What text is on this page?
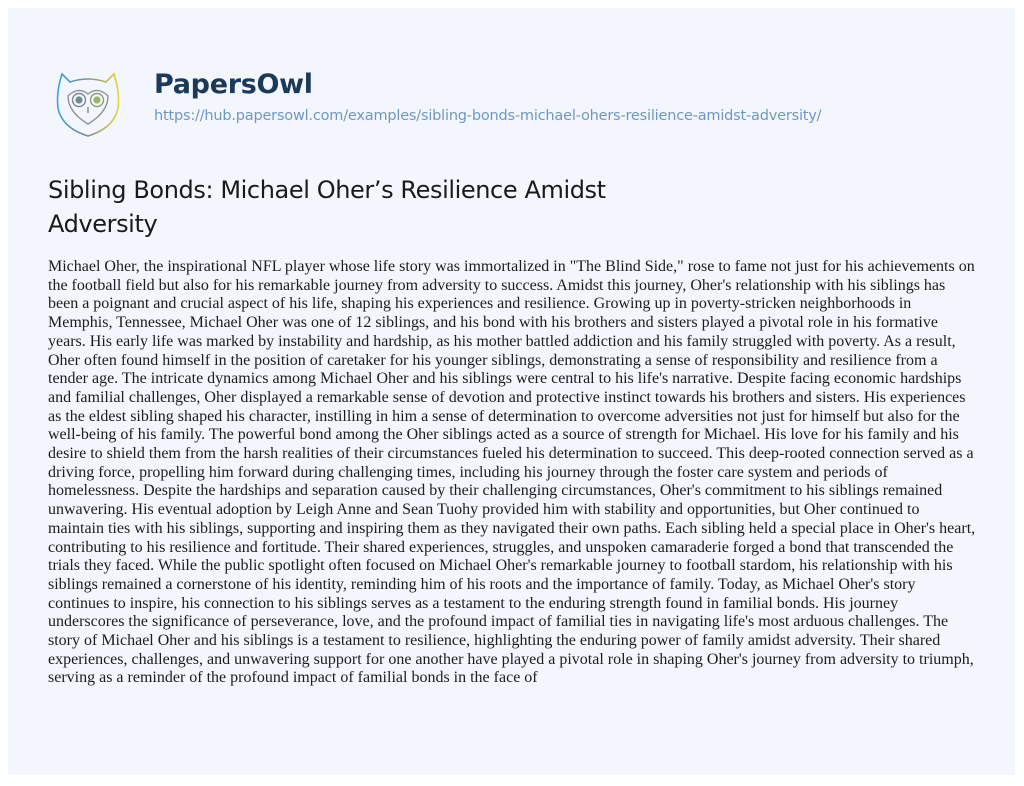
PapersOwl
https://hub.papersowl.com/examples/sibling-bonds-michael-ohers-resilience-amidst-adversity/
Sibling Bonds: Michael Oher’s Resilience Amidst Adversity
Michael Oher, the inspirational NFL player whose life story was immortalized in "The Blind Side," rose to fame not just for his achievements on
the football field but also for his remarkable journey from adversity to success. Amidst this journey, Oher's relationship with his siblings has
been a poignant and crucial aspect of his life, shaping his experiences and resilience. Growing up in poverty-stricken neighborhoods in
Memphis, Tennessee, Michael Oher was one of 12 siblings, and his bond with his brothers and sisters played a pivotal role in his formative
years. His early life was marked by instability and hardship, as his mother battled addiction and his family struggled with poverty. As a result,
Oher often found himself in the position of caretaker for his younger siblings, demonstrating a sense of responsibility and resilience from a
tender age. The intricate dynamics among Michael Oher and his siblings were central to his life's narrative. Despite facing economic hardships
and familial challenges, Oher displayed a remarkable sense of devotion and protective instinct towards his brothers and sisters. His experiences
as the eldest sibling shaped his character, instilling in him a sense of determination to overcome adversities not just for himself but also for the
well-being of his family. The powerful bond among the Oher siblings acted as a source of strength for Michael. His love for his family and his
desire to shield them from the harsh realities of their circumstances fueled his determination to succeed. This deep-rooted connection served as a
driving force, propelling him forward during challenging times, including his journey through the foster care system and periods of
homelessness. Despite the hardships and separation caused by their challenging circumstances, Oher's commitment to his siblings remained
unwavering. His eventual adoption by Leigh Anne and Sean Tuohy provided him with stability and opportunities, but Oher continued to
maintain ties with his siblings, supporting and inspiring them as they navigated their own paths. Each sibling held a special place in Oher's heart,
contributing to his resilience and fortitude. Their shared experiences, struggles, and unspoken camaraderie forged a bond that transcended the
trials they faced. While the public spotlight often focused on Michael Oher's remarkable journey to football stardom, his relationship with his
siblings remained a cornerstone of his identity, reminding him of his roots and the importance of family. Today, as Michael Oher's story
continues to inspire, his connection to his siblings serves as a testament to the enduring strength found in familial bonds. His journey
underscores the significance of perseverance, love, and the profound impact of familial ties in navigating life's most arduous challenges. The
story of Michael Oher and his siblings is a testament to resilience, highlighting the enduring power of family amidst adversity. Their shared
experiences, challenges, and unwavering support for one another have played a pivotal role in shaping Oher's journey from adversity to triumph,
serving as a reminder of the profound impact of familial bonds in the face of
